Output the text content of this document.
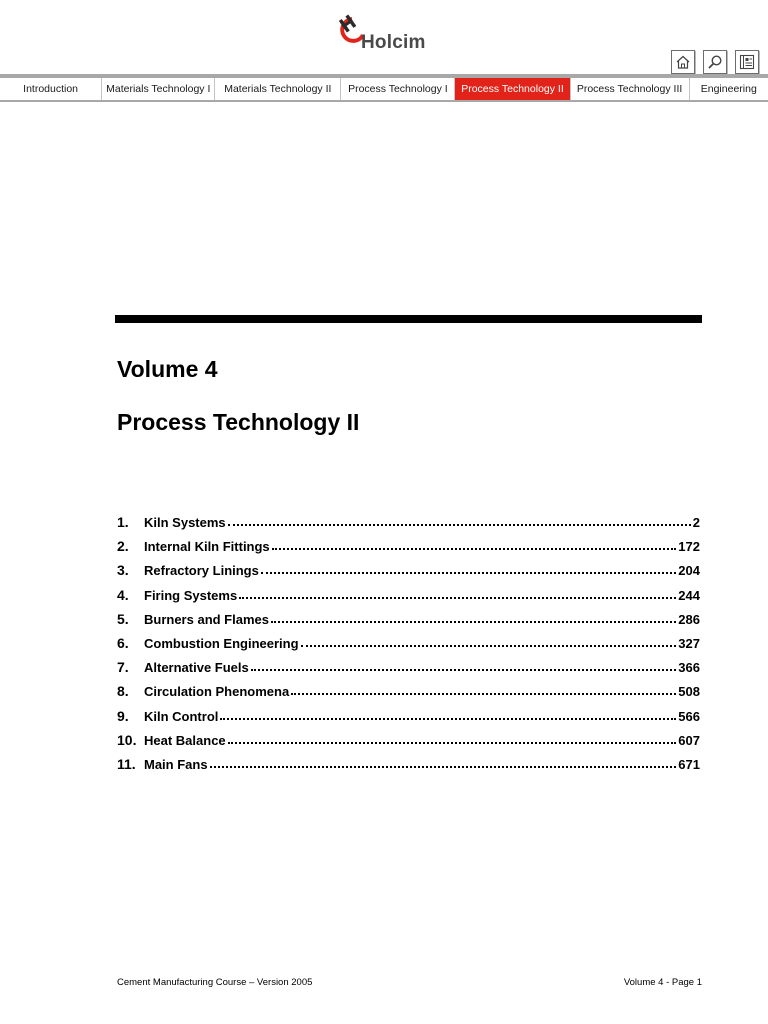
Holcim
Introduction	Materials Technology I	Materials Technology II	Process Technology I	Process Technology II	Process Technology III	Engineering
Volume 4
Process Technology II
1.	Kiln Systems	2
2.	Internal Kiln Fittings	172
3.	Refractory Linings	204
4.	Firing Systems	244
5.	Burners and Flames	286
6.	Combustion Engineering	327
7.	Alternative Fuels	366
8.	Circulation Phenomena	508
9.	Kiln Control	566
10. Heat Balance	607
11. Main Fans	671
Cement Manufacturing Course – Version 2005	Volume 4 - Page 1
